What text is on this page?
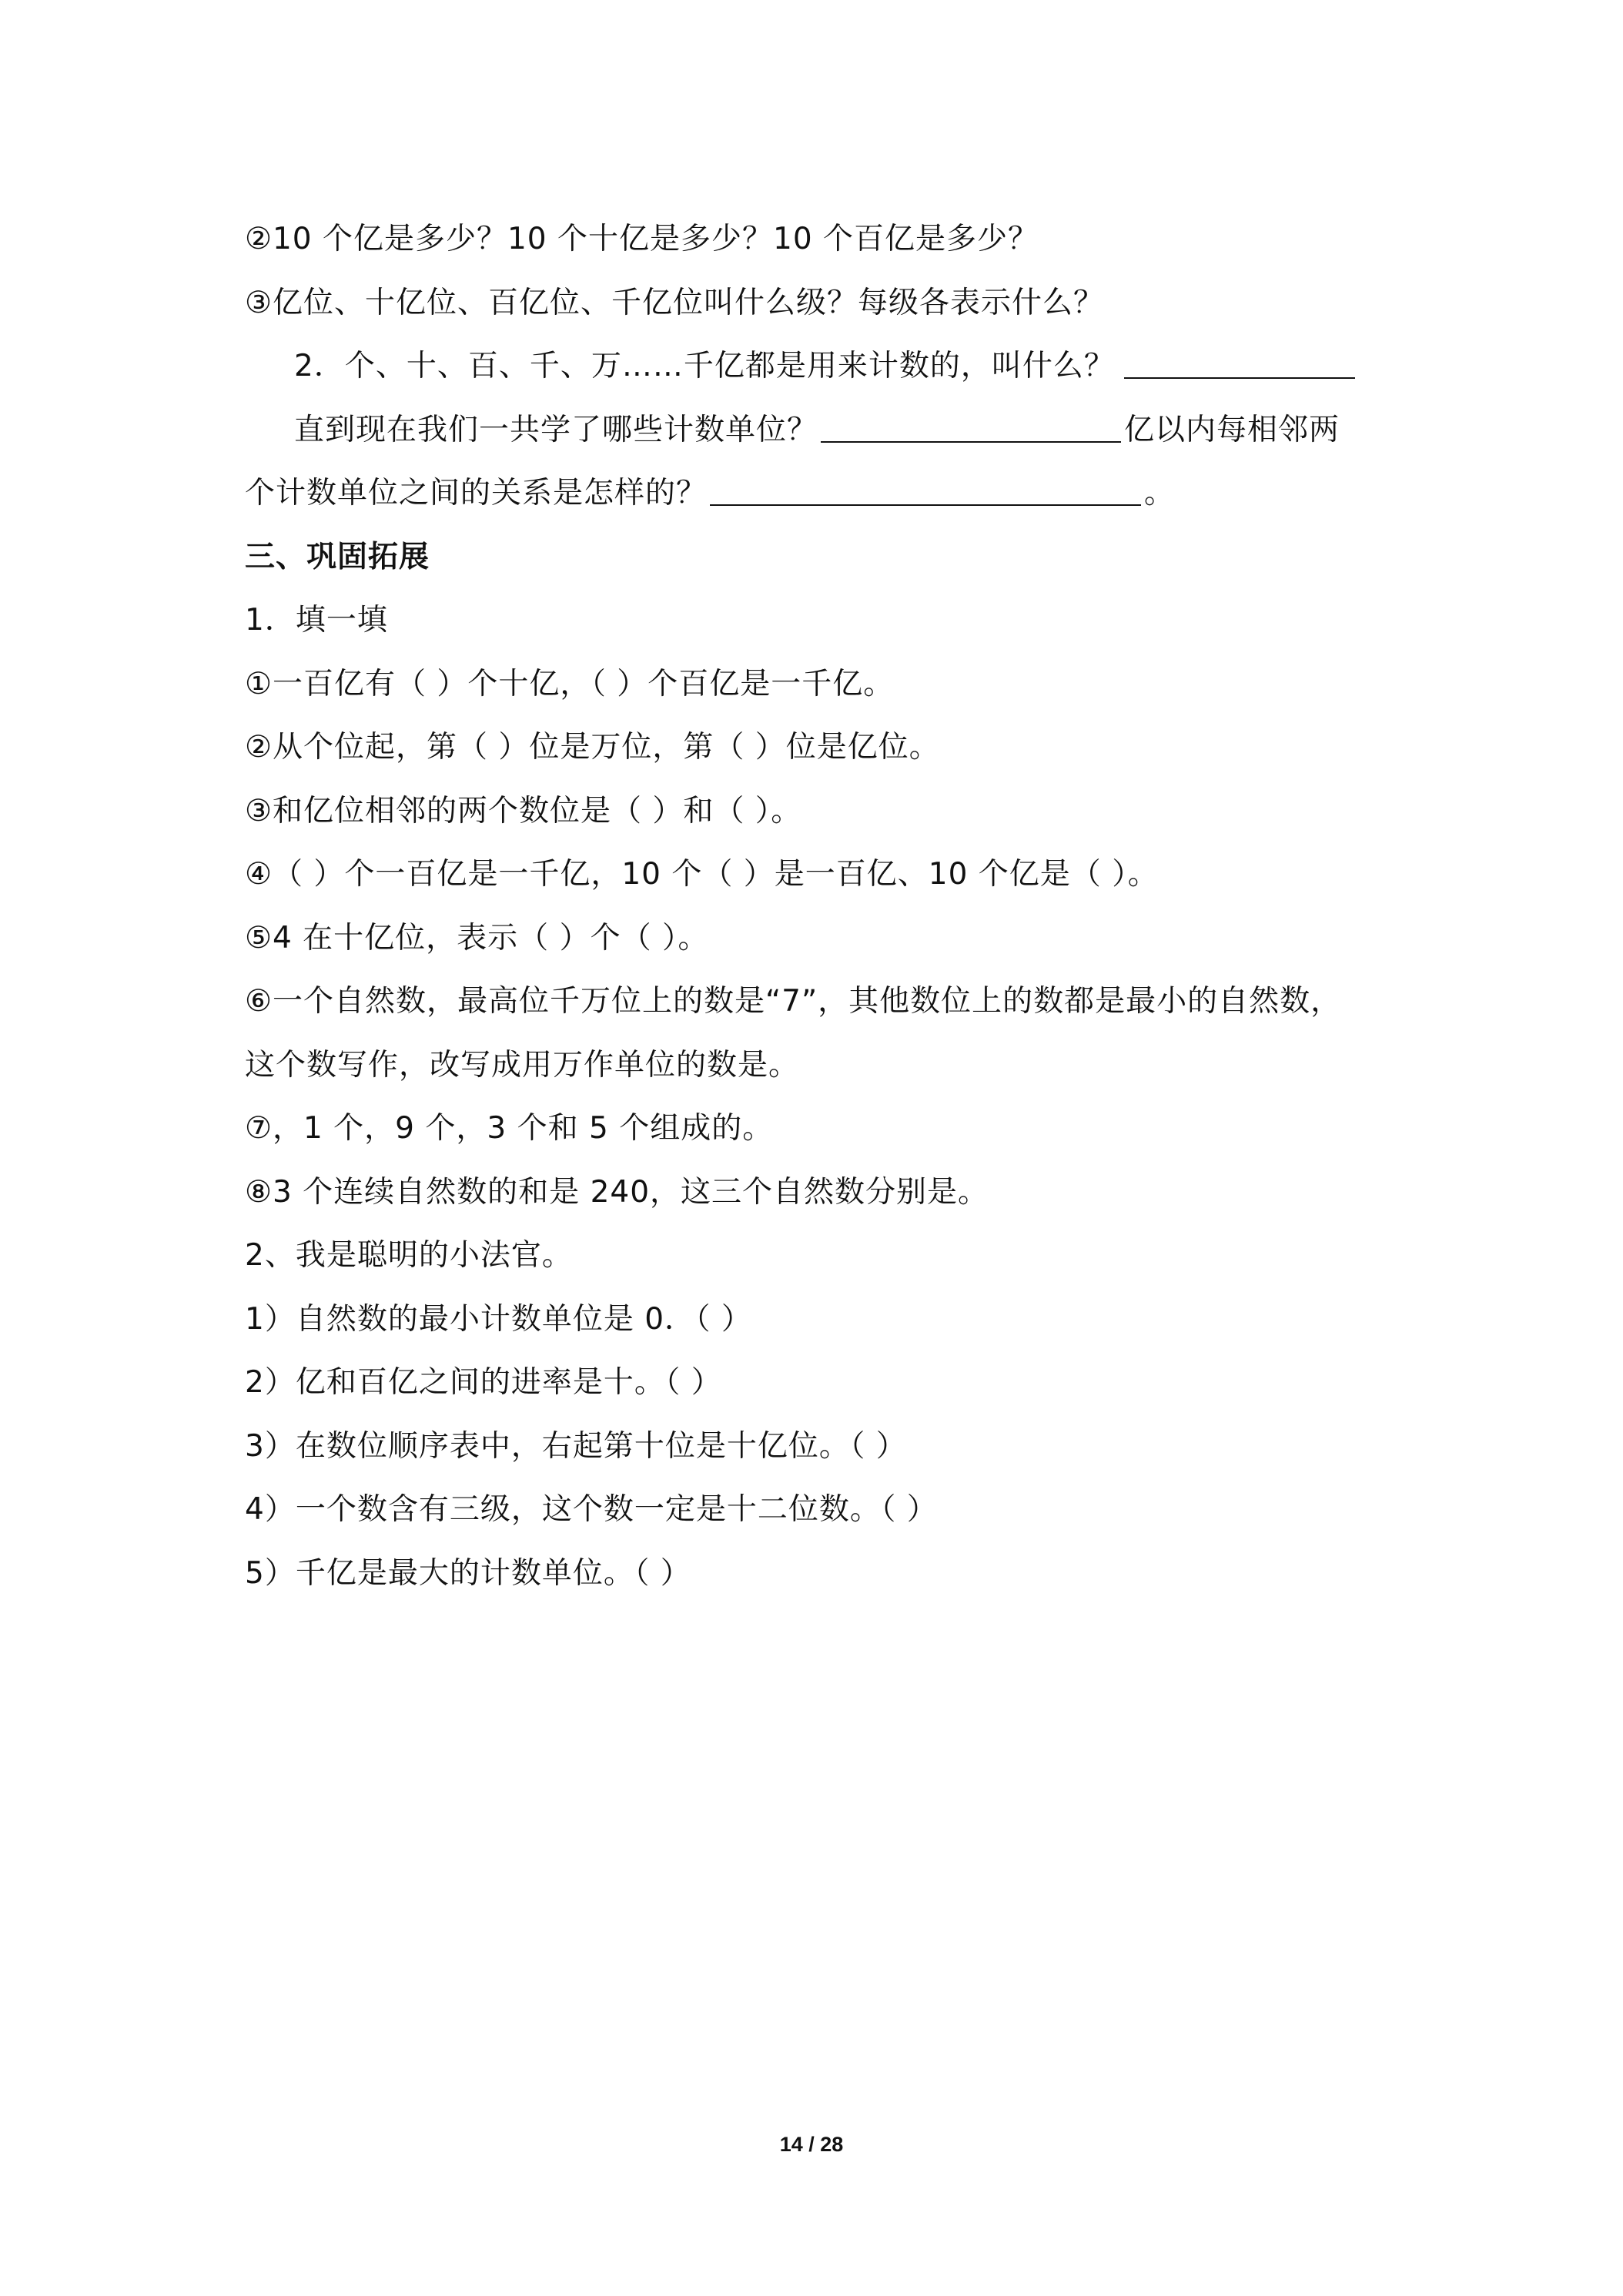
②10 个亿是多少？10 个十亿是多少？10 个百亿是多少？
③亿位、十亿位、百亿位、千亿位叫什么级？每级各表示什么？
2．个、十、百、千、万……千亿都是用来计数的，叫什么？
直到现在我们一共学了哪些计数单位？	亿以内每相邻两
个计数单位之间的关系是怎样的？	。
三、巩固拓展
1．填一填
①一百亿有（ ）个十亿，（ ）个百亿是一千亿。
②从个位起，第（ ）位是万位，第（ ）位是亿位。
③和亿位相邻的两个数位是（ ）和（ ）。
④（ ）个一百亿是一千亿，10 个（ ）是一百亿、10 个亿是（ ）。
⑤4 在十亿位，表示（ ）个（ ）。
⑥一个自然数，最高位千万位上的数是“7”，其他数位上的数都是最小的自然数，
这个数写作，改写成用万作单位的数是。
⑦，1 个，9 个，3 个和 5 个组成的。
⑧3 个连续自然数的和是 240，这三个自然数分别是。
2、我是聪明的小法官。
1）自然数的最小计数单位是 0．（ ）
2）亿和百亿之间的进率是十。（ ）
3）在数位顺序表中，右起第十位是十亿位。（ ）
4）一个数含有三级，这个数一定是十二位数。（ ）
5）千亿是最大的计数单位。（ ）
14 / 28
